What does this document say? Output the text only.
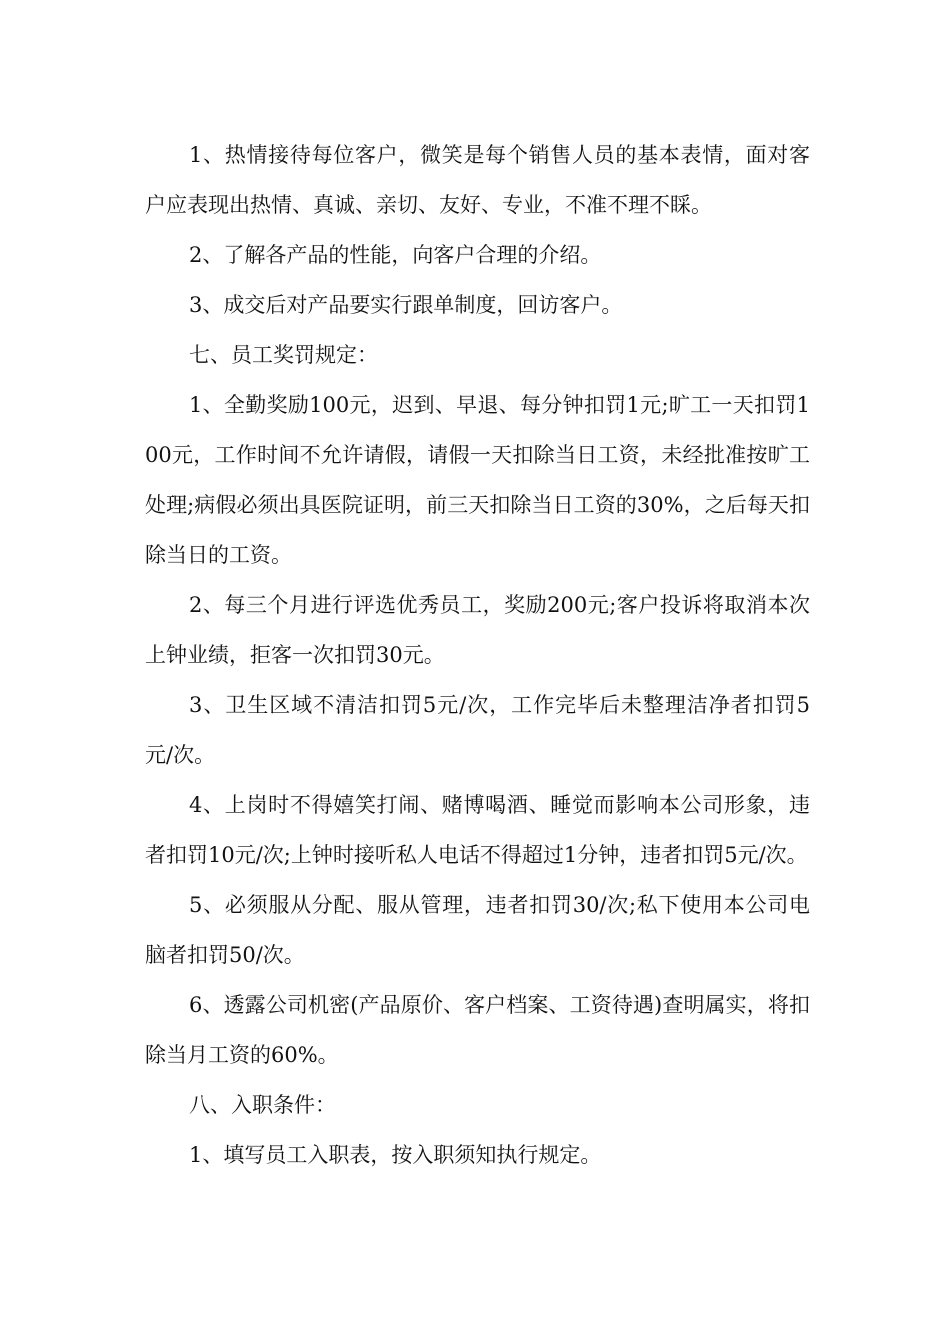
1、热情接待每位客户，微笑是每个销售人员的基本表情，面对客户应表现出热情、真诚、亲切、友好、专业，不准不理不睬。

2、了解各产品的性能，向客户合理的介绍。

3、成交后对产品要实行跟单制度，回访客户。

七、员工奖罚规定：

1、全勤奖励100元，迟到、早退、每分钟扣罚1元;旷工一天扣罚100元，工作时间不允许请假，请假一天扣除当日工资，未经批准按旷工处理;病假必须出具医院证明，前三天扣除当日工资的30%，之后每天扣除当日的工资。

2、每三个月进行评选优秀员工，奖励200元;客户投诉将取消本次上钟业绩，拒客一次扣罚30元。

3、卫生区域不清洁扣罚5元/次，工作完毕后未整理洁净者扣罚5元/次。

4、上岗时不得嬉笑打闹、赌博喝酒、睡觉而影响本公司形象，违者扣罚10元/次;上钟时接听私人电话不得超过1分钟，违者扣罚5元/次。

5、必须服从分配、服从管理，违者扣罚30/次;私下使用本公司电脑者扣罚50/次。

6、透露公司机密(产品原价、客户档案、工资待遇)查明属实，将扣除当月工资的60%。

八、入职条件：

1、填写员工入职表，按入职须知执行规定。
